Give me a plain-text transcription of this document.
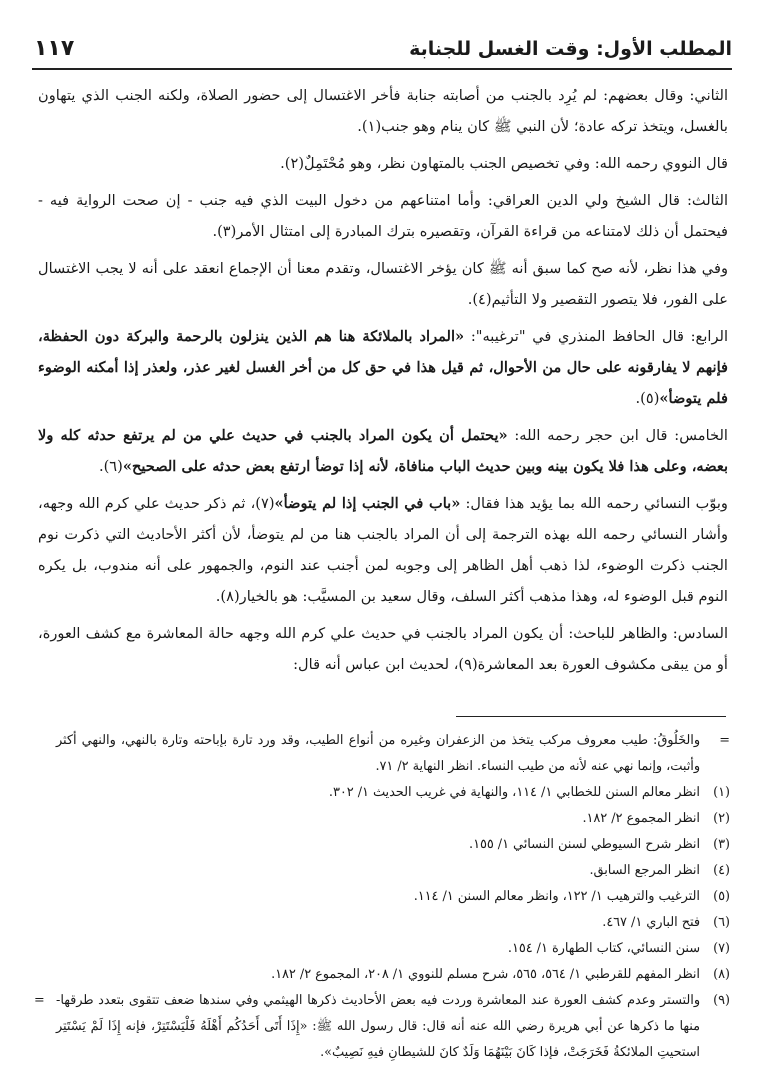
المطلب الأول: وقت الغسل للجنابة
١١٧

الثاني: وقال بعضهم: لم يُرِد بالجنب من أصابته جنابة فأخر الاغتسال إلى حضور الصلاة، ولكنه الجنب الذي يتهاون بالغسل، ويتخذ تركه عادة؛ لأن النبي ﷺ كان ينام وهو جنب(١).

قال النووي رحمه الله: وفي تخصيص الجنب بالمتهاون نظر، وهو مُحْتَمِلٌ(٢).

الثالث: قال الشيخ ولي الدين العراقي: وأما امتناعهم من دخول البيت الذي فيه جنب - إن صحت الرواية فيه - فيحتمل أن ذلك لامتناعه من قراءة القرآن، وتقصيره بترك المبادرة إلى امتثال الأمر(٣).

وفي هذا نظر، لأنه صح كما سبق أنه ﷺ كان يؤخر الاغتسال، وتقدم معنا أن الإجماع انعقد على أنه لا يجب الاغتسال على الفور، فلا يتصور التقصير ولا التأثيم(٤).

الرابع: قال الحافظ المنذري في "ترغيبه": «المراد بالملائكة هنا هم الذين ينزلون بالرحمة والبركة دون الحفظة، فإنهم لا يفارقونه على حال من الأحوال، ثم قيل هذا في حق كل من أخر الغسل لغير عذر، ولعذر إذا أمكنه الوضوء فلم يتوضأ»(٥).

الخامس: قال ابن حجر رحمه الله: «يحتمل أن يكون المراد بالجنب في حديث علي من لم يرتفع حدثه كله ولا بعضه، وعلى هذا فلا يكون بينه وبين حديث الباب منافاة، لأنه إذا توضأ ارتفع بعض حدثه على الصحيح»(٦).

وبوّب النسائي رحمه الله بما يؤيد هذا فقال: «باب في الجنب إذا لم يتوضأ»(٧)، ثم ذكر حديث علي كرم الله وجهه، وأشار النسائي رحمه الله بهذه الترجمة إلى أن المراد بالجنب هنا من لم يتوضأ، لأن أكثر الأحاديث التي ذكرت نوم الجنب ذكرت الوضوء، لذا ذهب أهل الظاهر إلى وجوبه لمن أجنب عند النوم، والجمهور على أنه مندوب، بل يكره النوم قبل الوضوء له، وهذا مذهب أكثر السلف، وقال سعيد بن المسيَّب: هو بالخيار(٨).

السادس: والظاهر للباحث: أن يكون المراد بالجنب في حديث علي كرم الله وجهه حالة المعاشرة مع كشف العورة، أو من يبقى مكشوف العورة بعد المعاشرة(٩)، لحديث ابن عباس أنه قال:

=
والخَلُوقُ: طيب معروف مركب يتخذ من الزعفران وغيره من أنواع الطيب، وقد ورد تارة بإباحته وتارة بالنهي، والنهي أكثر وأثبت، وإنما نهي عنه لأنه من طيب النساء. انظر النهاية ٢/ ٧١.
(١)
انظر معالم السنن للخطابي ١/ ١١٤، والنهاية في غريب الحديث ١/ ٣٠٢.
(٢)
انظر المجموع ٢/ ١٨٢.
(٣)
انظر شرح السيوطي لسنن النسائي ١/ ١٥٥.
(٤)
انظر المرجع السابق.
(٥)
الترغيب والترهيب ١/ ١٢٢، وانظر معالم السنن ١/ ١١٤.
(٦)
فتح الباري ١/ ٤٦٧.
(٧)
سنن النسائي، كتاب الطهارة ١/ ١٥٤.
(٨)
انظر المفهم للقرطبي ١/ ٥٦٤، ٥٦٥، شرح مسلم للنووي ١/ ٢٠٨، المجموع ٢/ ١٨٢.
(٩)
والتستر وعدم كشف العورة عند المعاشرة وردت فيه بعض الأحاديث ذكرها الهيثمي وفي سندها ضعف تتقوى بتعدد طرقها- منها ما ذكرها عن أبي هريرة رضي الله عنه أنه قال: قال رسول الله ﷺ: «إِذَا أَتَى أَحَدُكُم أَهْلَهُ فَلْيَسْتَتِرْ، فإنه إِذَا لَمْ يَسْتَتِر استحيتِ الملائكةُ فَخَرَجَتْ، فإذا كَانَ بَيْنَهُمَا وَلَدٌ كانَ للشيطانِ فيهِ نَصِيبٌ».
=
